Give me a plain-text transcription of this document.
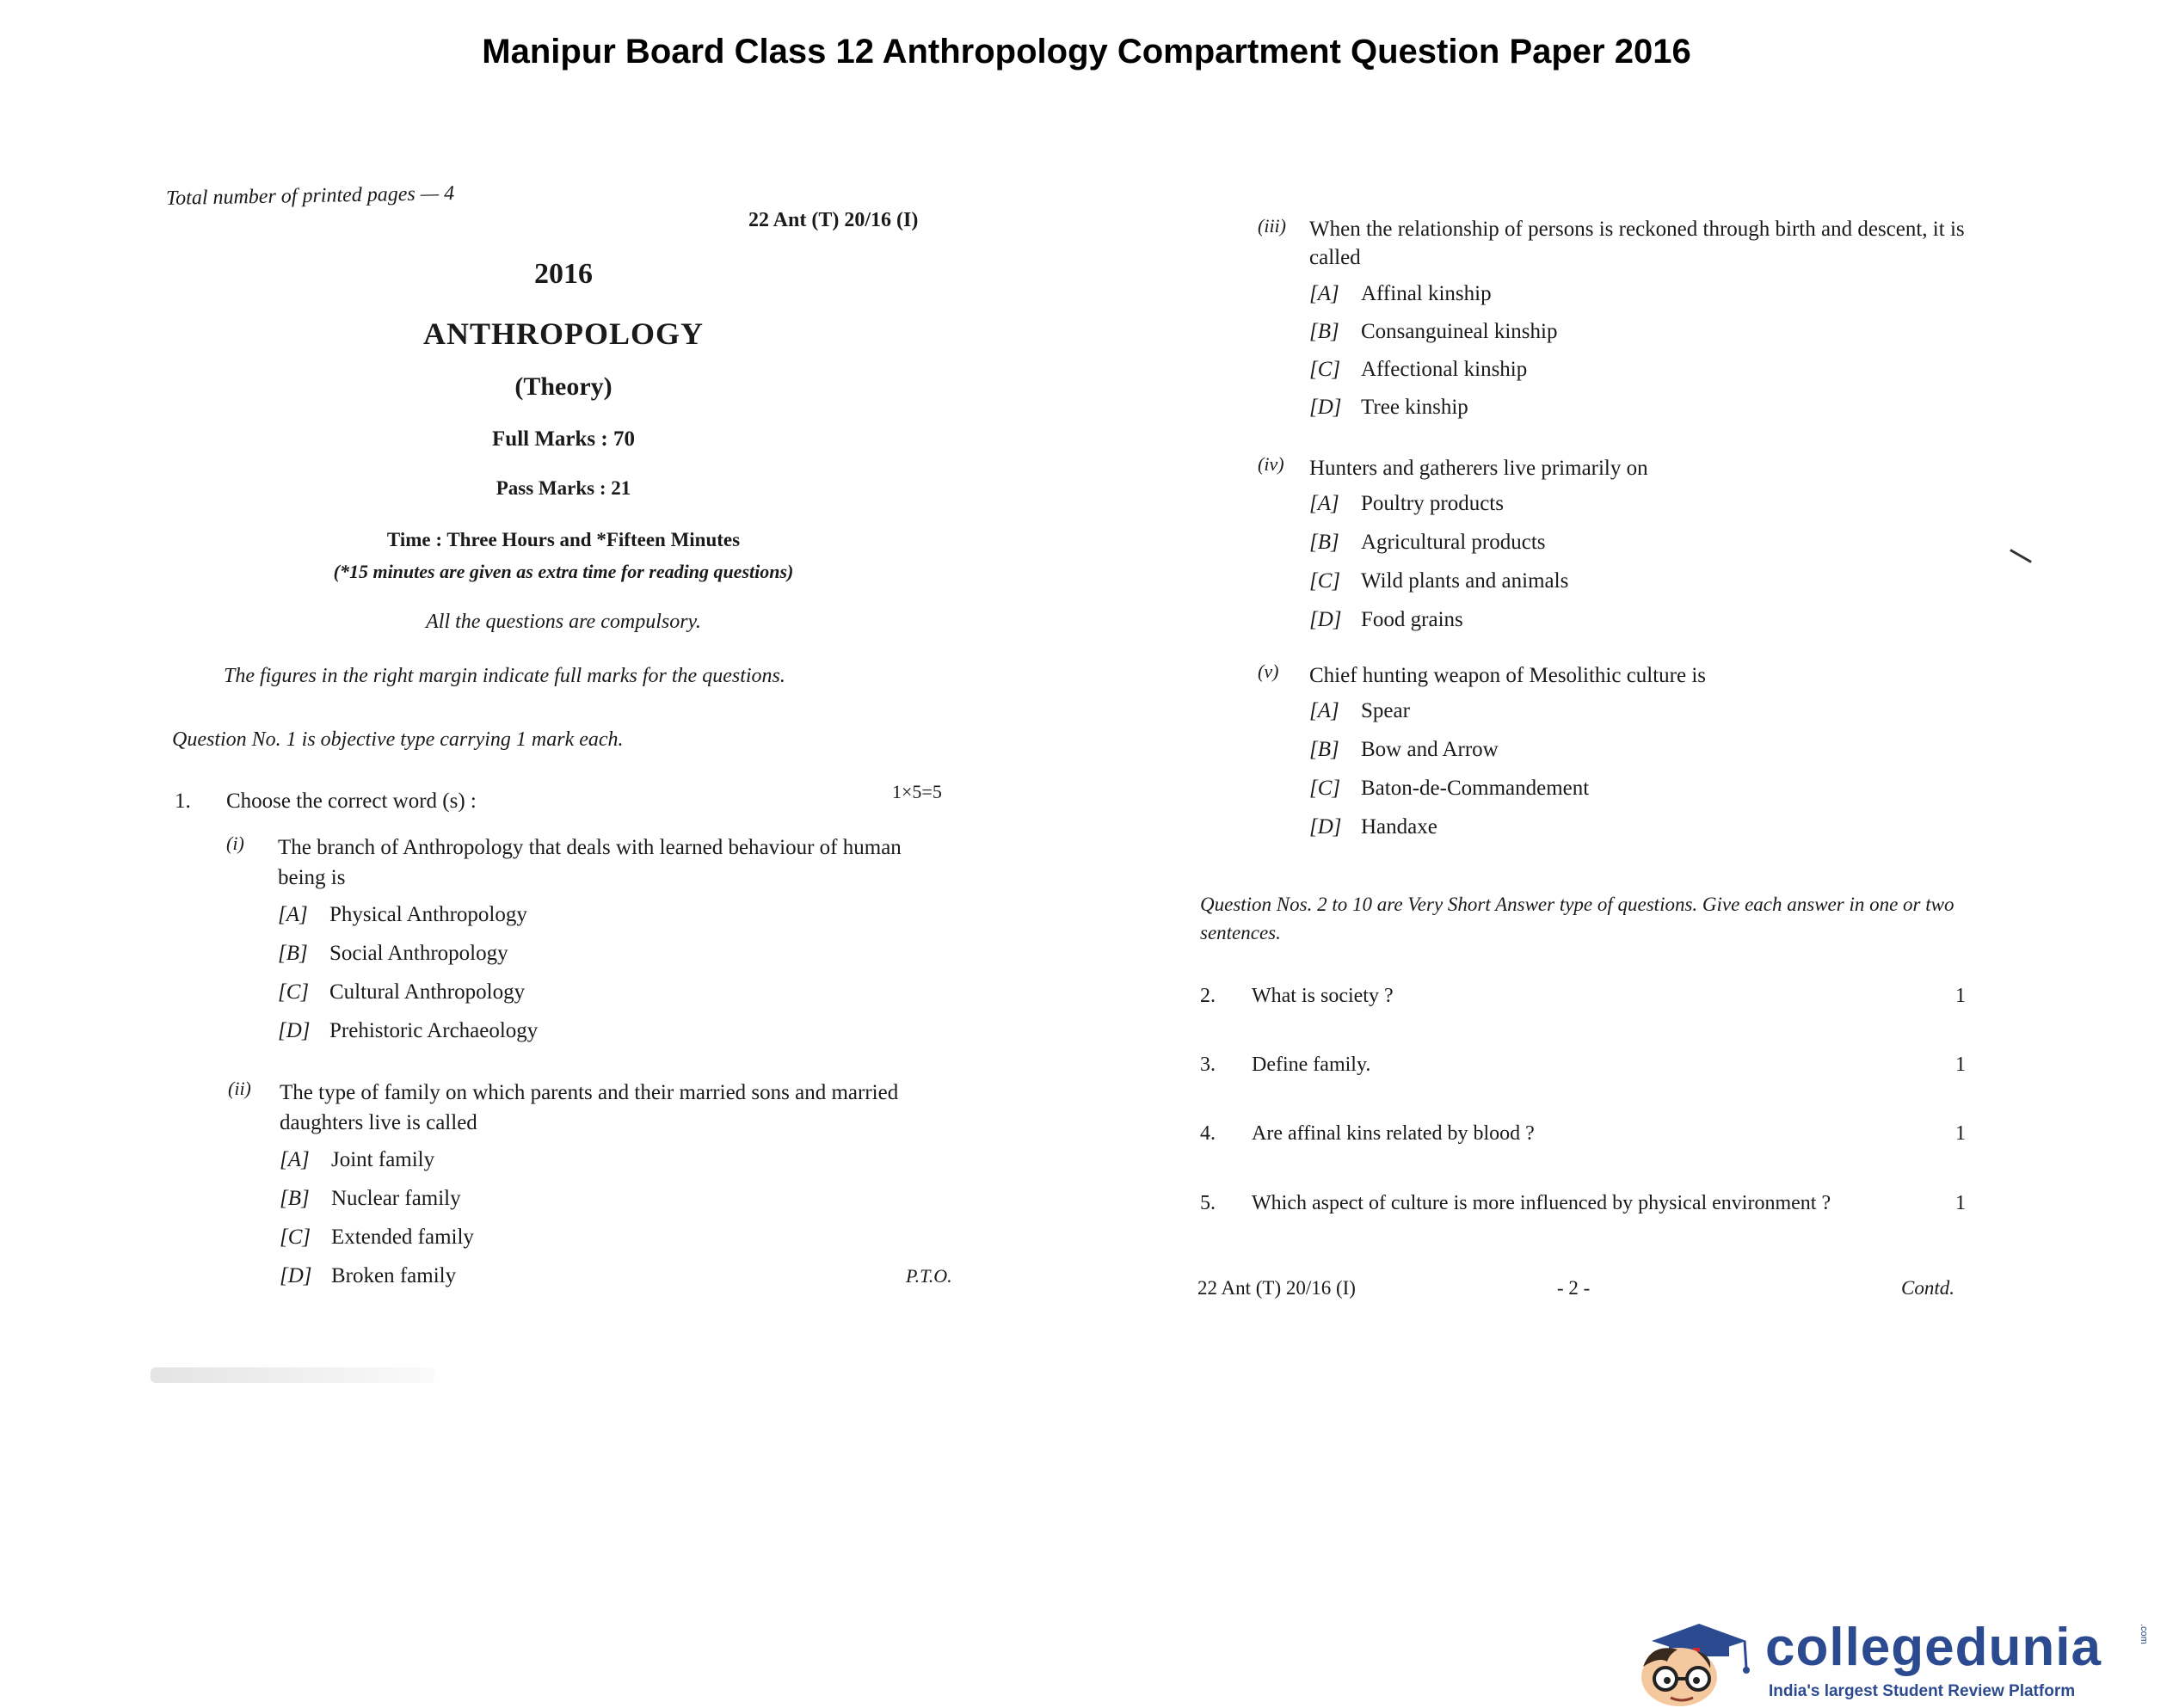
Manipur Board Class 12 Anthropology Compartment Question Paper 2016
Total number of printed pages — 4
22 Ant (T) 20/16 (I)
2016
ANTHROPOLOGY
(Theory)
Full Marks : 70
Pass Marks : 21
Time : Three Hours and *Fifteen Minutes
(*15 minutes are given as extra time for reading questions)
All the questions are compulsory.
The figures in the right margin indicate full marks for the questions.
Question No. 1 is objective type carrying 1 mark each.
1. Choose the correct word (s) :	1×5=5
(i) The branch of Anthropology that deals with learned behaviour of human being is
[A] Physical Anthropology
[B] Social Anthropology
[C] Cultural Anthropology
[D] Prehistoric Archaeology
(ii) The type of family on which parents and their married sons and married daughters live is called
[A] Joint family
[B] Nuclear family
[C] Extended family
[D] Broken family	P.T.O.
(iii) When the relationship of persons is reckoned through birth and descent, it is called
[A] Affinal kinship
[B] Consanguineal kinship
[C] Affectional kinship
[D] Tree kinship
(iv) Hunters and gatherers live primarily on
[A] Poultry products
[B] Agricultural products
[C] Wild plants and animals
[D] Food grains
(v) Chief hunting weapon of Mesolithic culture is
[A] Spear
[B] Bow and Arrow
[C] Baton-de-Commandement
[D] Handaxe
Question Nos. 2 to 10 are Very Short Answer type of questions. Give each answer in one or two sentences.
2. What is society ?	1
3. Define family.	1
4. Are affinal kins related by blood ?	1
5. Which aspect of culture is more influenced by physical environment ?	1
22 Ant (T) 20/16 (I)	- 2 -	Contd.
collegedunia	.com
India's largest Student Review Platform
